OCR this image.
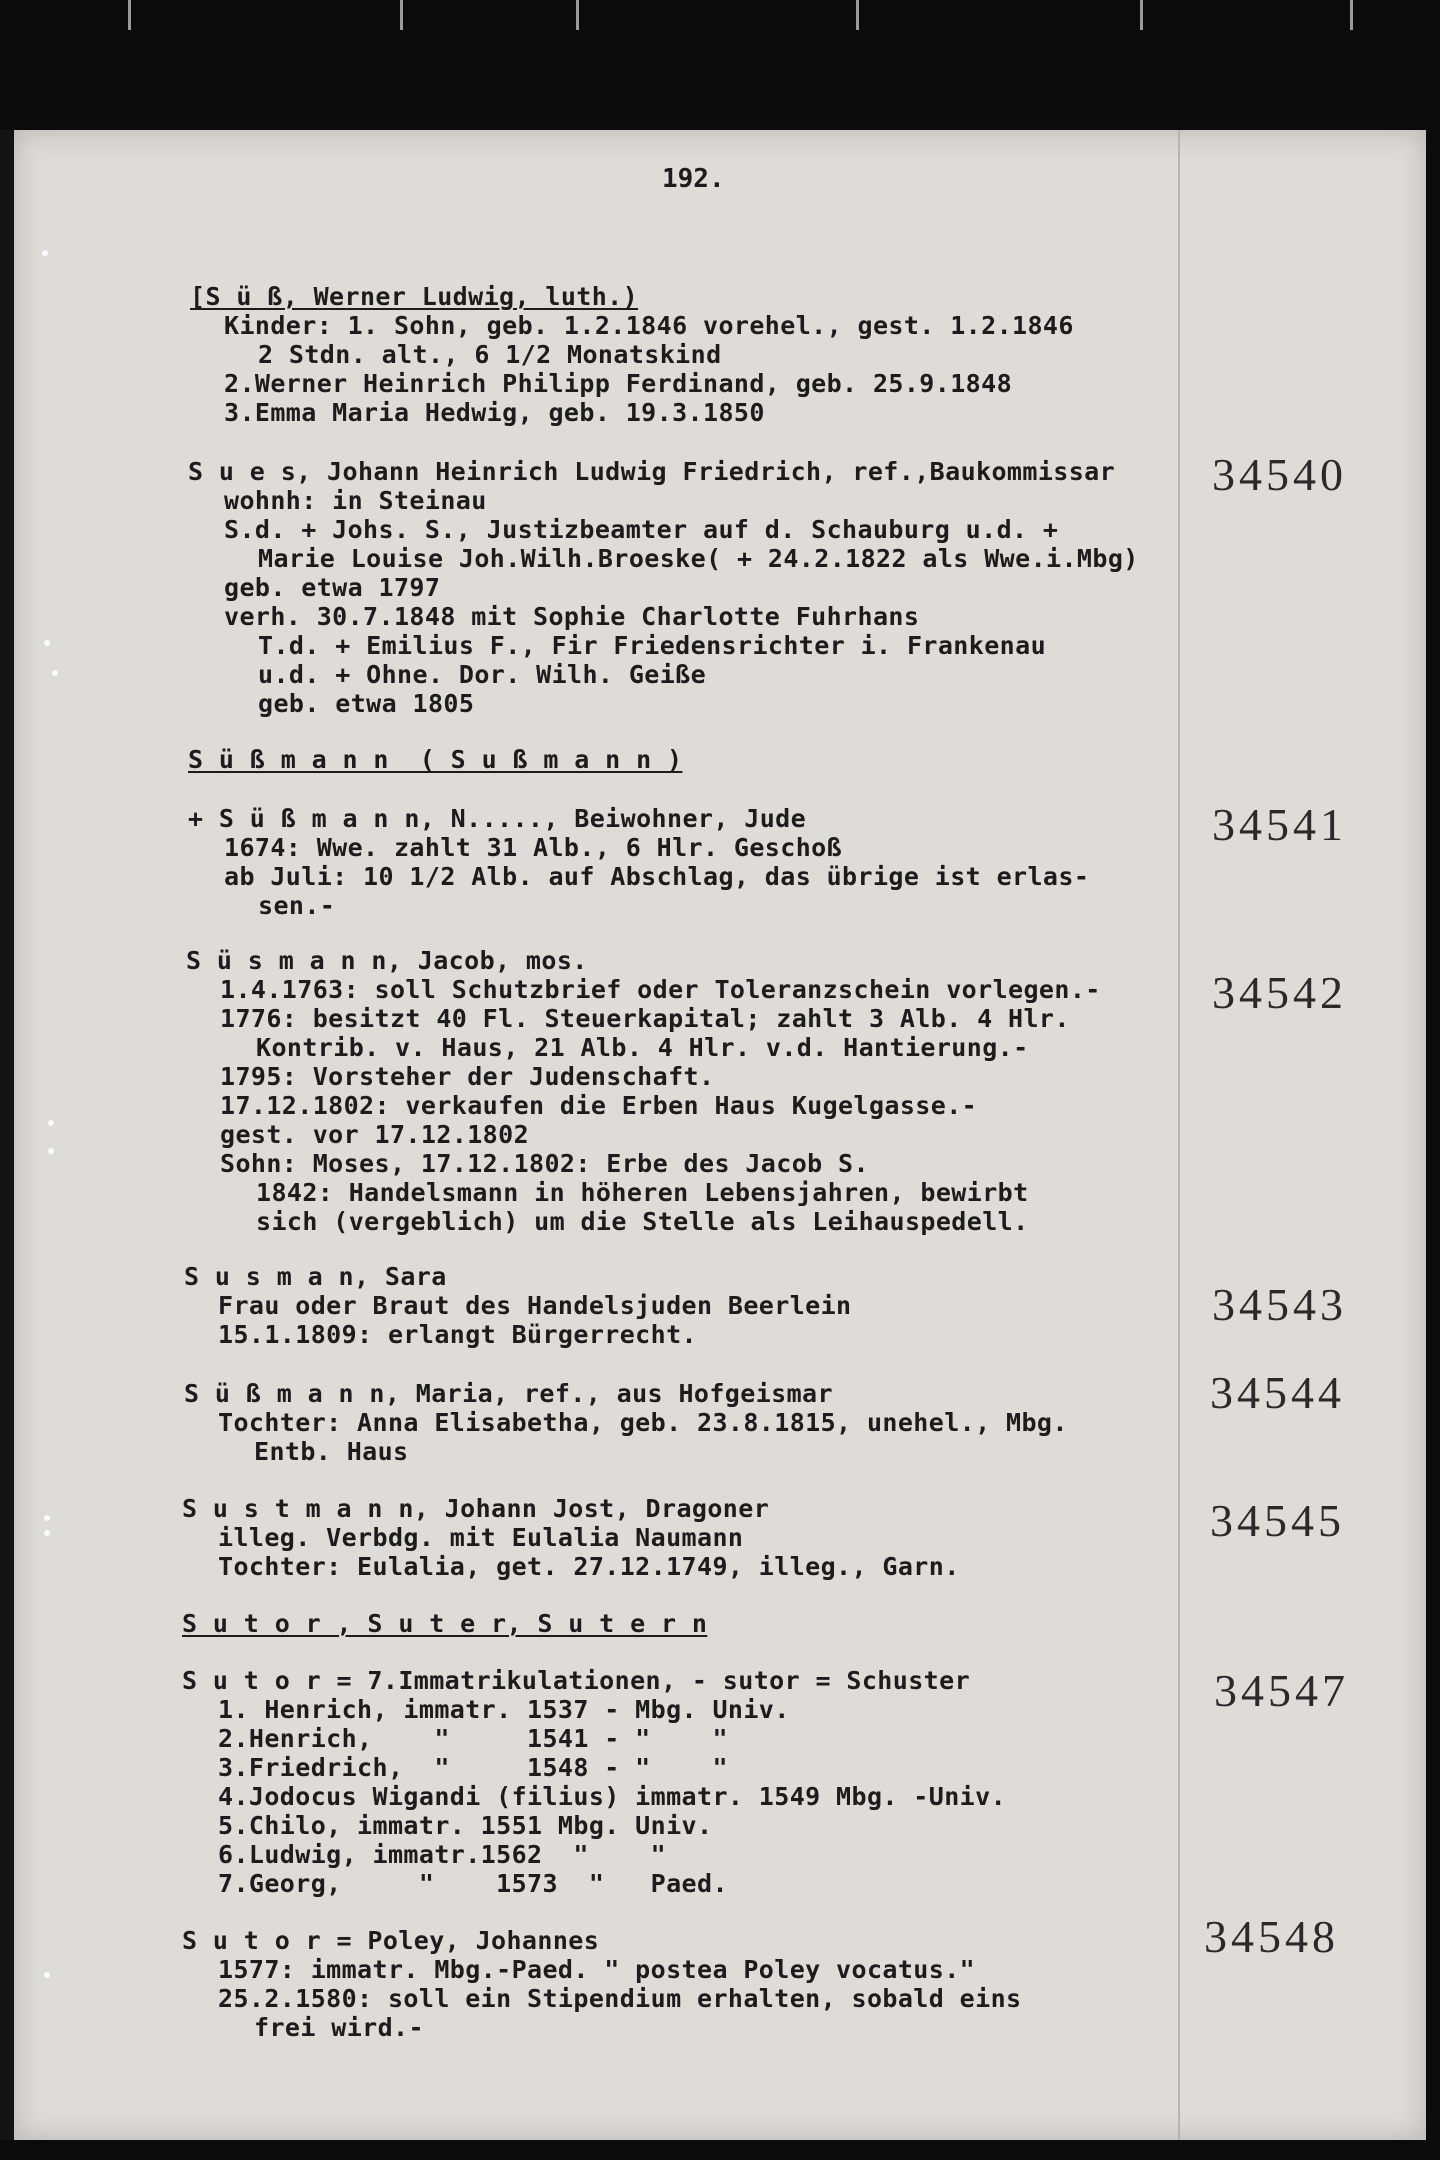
192.
[S ü ß, Werner Ludwig, luth.)
Kinder: 1. Sohn, geb. 1.2.1846 vorehel., gest. 1.2.1846
2 Stdn. alt., 6 1/2 Monatskind
2.Werner Heinrich Philipp Ferdinand, geb. 25.9.1848
3.Emma Maria Hedwig, geb. 19.3.1850
S u e s, Johann Heinrich Ludwig Friedrich, ref.,Baukommissar
wohnh: in Steinau
S.d. + Johs. S., Justizbeamter auf d. Schauburg u.d. +
Marie Louise Joh.Wilh.Broeske( + 24.2.1822 als Wwe.i.Mbg)
geb. etwa 1797
verh. 30.7.1848 mit Sophie Charlotte Fuhrhans
T.d. + Emilius F., Fir Friedensrichter i. Frankenau
u.d. + Ohne. Dor. Wilh. Geiße
geb. etwa 1805
34540
S ü ß m a n n  ( S u ß m a n n )
+ S ü ß m a n n, N....., Beiwohner, Jude
1674: Wwe. zahlt 31 Alb., 6 Hlr. Geschoß
ab Juli: 10 1/2 Alb. auf Abschlag, das übrige ist erlas-
sen.-
34541
S ü s m a n n, Jacob, mos.
1.4.1763: soll Schutzbrief oder Toleranzschein vorlegen.-
1776: besitzt 40 Fl. Steuerkapital; zahlt 3 Alb. 4 Hlr.
Kontrib. v. Haus, 21 Alb. 4 Hlr. v.d. Hantierung.-
1795: Vorsteher der Judenschaft.
17.12.1802: verkaufen die Erben Haus Kugelgasse.-
gest. vor 17.12.1802
Sohn: Moses, 17.12.1802: Erbe des Jacob S.
1842: Handelsmann in höheren Lebensjahren, bewirbt
sich (vergeblich) um die Stelle als Leihauspedell.
34542
S u s m a n, Sara
Frau oder Braut des Handelsjuden Beerlein
15.1.1809: erlangt Bürgerrecht.
34543
S ü ß m a n n, Maria, ref., aus Hofgeismar
Tochter: Anna Elisabetha, geb. 23.8.1815, unehel., Mbg.
Entb. Haus
34544
S u s t m a n n, Johann Jost, Dragoner
illeg. Verbdg. mit Eulalia Naumann
Tochter: Eulalia, get. 27.12.1749, illeg., Garn.
34545
S u t o r , S u t e r, S u t e r n
S u t o r = 7.Immatrikulationen, - sutor = Schuster
1. Henrich, immatr. 1537 - Mbg. Univ.
2.Henrich,    "     1541 - "    "
3.Friedrich,  "     1548 - "    "
4.Jodocus Wigandi (filius) immatr. 1549 Mbg. -Univ.
5.Chilo, immatr. 1551 Mbg. Univ.
6.Ludwig, immatr.1562  "    "
7.Georg,     "    1573  "   Paed.
34547
S u t o r = Poley, Johannes
1577: immatr. Mbg.-Paed. " postea Poley vocatus."
25.2.1580: soll ein Stipendium erhalten, sobald eins
frei wird.-
34548
